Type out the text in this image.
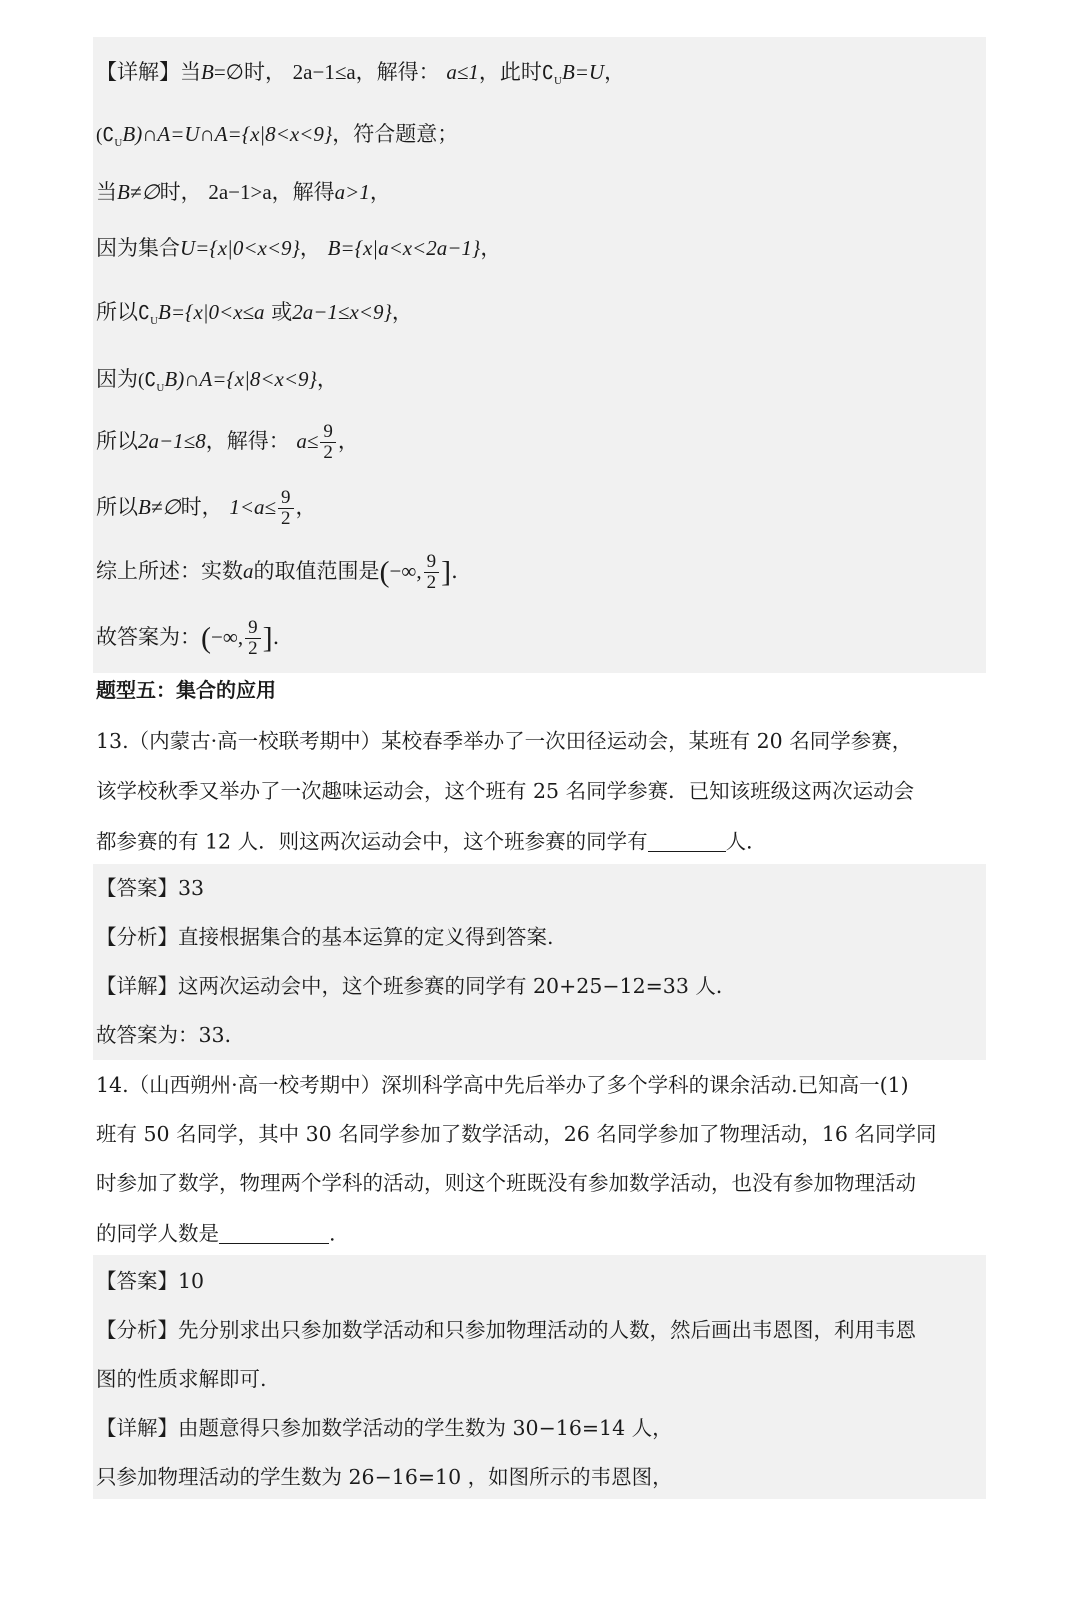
【详解】当B=∅时， 2a−1≤a，解得： a≤1，此时$∁_UB=U$，
$(∁_UB)\cap A=U\cap A=\{x|8<x<9\}$，符合题意；
当B≠∅时， 2a−1>a，解得a>1，
因为集合U={x|0<x<9}， B={x|a<x<2a−1}，
所以$∁_UB=\{x|0<x\le a$ 或2a−1≤x<9}，
因为$(∁_UB)\cap A=\{x|8<x<9\}$，
所以2a−1≤8，解得： $a\le \frac{9}{2}$ ，
所以B≠∅时， $1<a\le \frac{9}{2}$ ，
综上所述：实数a的取值范围是(−∞, $\frac{9}{2}$ ].
故答案为：(−∞, $\frac{9}{2}$ ].
题型五：集合的应用
13.（内蒙古·高一校联考期中）某校春季举办了一次田径运动会，某班有 20 名同学参赛，
该学校秋季又举办了一次趣味运动会，这个班有 25 名同学参赛．已知该班级这两次运动会
都参赛的有 12 人．则这两次运动会中，这个班参赛的同学有	人．
【答案】33
【分析】直接根据集合的基本运算的定义得到答案.
【详解】这两次运动会中，这个班参赛的同学有 20+25−12=33 人．
故答案为：33．
14.（山西朔州·高一校考期中）深圳科学高中先后举办了多个学科的课余活动.已知高一(1)
班有 50 名同学，其中 30 名同学参加了数学活动，26 名同学参加了物理活动，16 名同学同
时参加了数学，物理两个学科的活动，则这个班既没有参加数学活动，也没有参加物理活动
的同学人数是	.
【答案】10
【分析】先分别求出只参加数学活动和只参加物理活动的人数，然后画出韦恩图，利用韦恩
图的性质求解即可.
【详解】由题意得只参加数学活动的学生数为 30−16=14 人，
只参加物理活动的学生数为 26−16=10 ，如图所示的韦恩图，
